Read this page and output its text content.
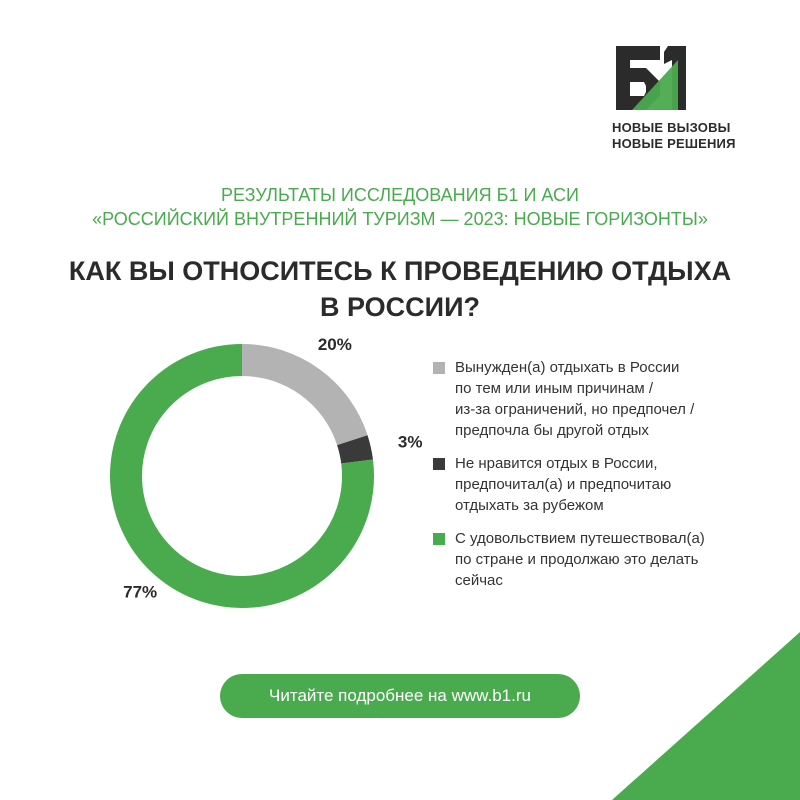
НОВЫЕ ВЫЗОВЫ
НОВЫЕ РЕШЕНИЯ
РЕЗУЛЬТАТЫ ИССЛЕДОВАНИЯ Б1 И АСИ
«РОССИЙСКИЙ ВНУТРЕННИЙ ТУРИЗМ — 2023: НОВЫЕ ГОРИЗОНТЫ»
КАК ВЫ ОТНОСИТЕСЬ К ПРОВЕДЕНИЮ ОТДЫХА
В РОССИИ?
20%
3%
77%
Вынужден(а) отдыхать в России
по тем или иным причинам /
из-за ограничений, но предпочел /
предпочла бы другой отдых
Не нравится отдых в России,
предпочитал(а) и предпочитаю
отдыхать за рубежом
С удовольствием путешествовал(а)
по стране и продолжаю это делать
сейчас
Читайте подробнее на www.b1.ru
